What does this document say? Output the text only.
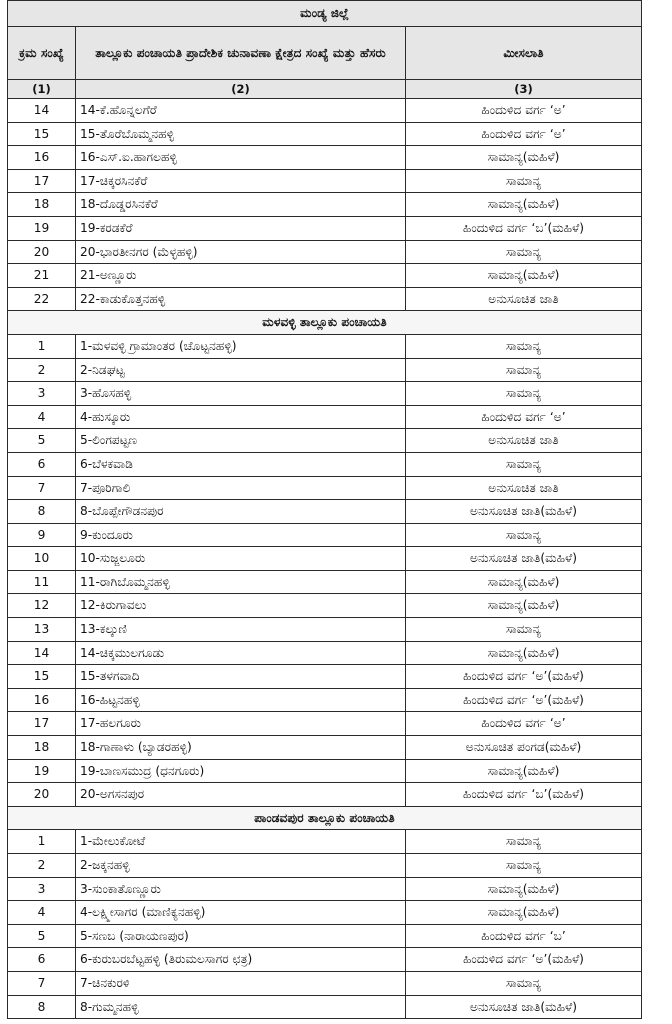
ಮಂಡ್ಯ ಜಿಲ್ಲೆ		
ಕ್ರಮ ಸಂಖ್ಯೆ	ತಾಲ್ಲೂಕು ಪಂಚಾಯತಿ ಪ್ರಾದೇಶಿಕ ಚುನಾವಣಾ ಕ್ಷೇತ್ರದ ಸಂಖ್ಯೆ ಮತ್ತು ಹೆಸರು	ಮೀಸಲಾತಿ
(1)	(2)	(3)
14	14-ಕೆ.ಹೊನ್ನಲಗೆರೆ	ಹಿಂದುಳಿದ ವರ್ಗ ‘ಅ’
15	15-ತೊರೆಬೊಮ್ಮನಹಳ್ಳಿ	ಹಿಂದುಳಿದ ವರ್ಗ ‘ಅ’
16	16-ಎಸ್.ಐ.ಹಾಗಲಹಳ್ಳಿ	ಸಾಮಾನ್ಯ(ಮಹಿಳೆ)
17	17-ಚಿಕ್ಕರಸಿನಕೆರೆ	ಸಾಮಾನ್ಯ
18	18-ದೊಡ್ಡರಸಿನಕೆರೆ	ಸಾಮಾನ್ಯ(ಮಹಿಳೆ)
19	19-ಕರಡಕೆರೆ	ಹಿಂದುಳಿದ ವರ್ಗ ‘ಬ’(ಮಹಿಳೆ)
20	20-ಭಾರತೀನಗರ (ಮೆಳ್ಳಹಳ್ಳಿ)	ಸಾಮಾನ್ಯ
21	21-ಅಣ್ಣೂರು	ಸಾಮಾನ್ಯ(ಮಹಿಳೆ)
22	22-ಕಾಡುಕೊತ್ತನಹಳ್ಳಿ	ಅನುಸೂಚಿತ ಜಾತಿ
ಮಳವಳ್ಳಿ ತಾಲ್ಲೂಕು ಪಂಚಾಯತಿ		
1	1-ಮಳವಳ್ಳಿ ಗ್ರಾಮಾಂತರ (ಚೊಟ್ಟನಹಳ್ಳಿ)	ಸಾಮಾನ್ಯ
2	2-ನಿಡಘಟ್ಟ	ಸಾಮಾನ್ಯ
3	3-ಹೊಸಹಳ್ಳಿ	ಸಾಮಾನ್ಯ
4	4-ಹುಸ್ಕೂರು	ಹಿಂದುಳಿದ ವರ್ಗ ‘ಅ’
5	5-ಲಿಂಗಪಟ್ಟಣ	ಅನುಸೂಚಿತ ಜಾತಿ
6	6-ಬೆಳಕವಾಡಿ	ಸಾಮಾನ್ಯ
7	7-ಪೂರಿಗಾಲಿ	ಅನುಸೂಚಿತ ಜಾತಿ
8	8-ಬೊಪ್ಪೇಗೌಡನಪುರ	ಅನುಸೂಚಿತ ಜಾತಿ(ಮಹಿಳೆ)
9	9-ಕುಂದೂರು	ಸಾಮಾನ್ಯ
10	10-ಸುಜ್ಜಲೂರು	ಅನುಸೂಚಿತ ಜಾತಿ(ಮಹಿಳೆ)
11	11-ರಾಗಿಬೊಮ್ಮನಹಳ್ಳಿ	ಸಾಮಾನ್ಯ(ಮಹಿಳೆ)
12	12-ಕಿರುಗಾವಲು	ಸಾಮಾನ್ಯ(ಮಹಿಳೆ)
13	13-ಕಲ್ಕುಣಿ	ಸಾಮಾನ್ಯ
14	14-ಚಿಕ್ಕಮುಲಗೂಡು	ಸಾಮಾನ್ಯ(ಮಹಿಳೆ)
15	15-ತಳಗವಾದಿ	ಹಿಂದುಳಿದ ವರ್ಗ ‘ಅ’(ಮಹಿಳೆ)
16	16-ಹಿಟ್ಟನಹಳ್ಳಿ	ಹಿಂದುಳಿದ ವರ್ಗ ‘ಅ’(ಮಹಿಳೆ)
17	17-ಹಲಗೂರು	ಹಿಂದುಳಿದ ವರ್ಗ ‘ಅ’
18	18-ಗಾಣಾಳು (ಬ್ಯಾಡರಹಳ್ಳಿ)	ಅನುಸೂಚಿತ ಪಂಗಡ(ಮಹಿಳೆ)
19	19-ಬಾಣಸಮುದ್ರ (ಧನಗೂರು)	ಸಾಮಾನ್ಯ(ಮಹಿಳೆ)
20	20-ಅಗಸನಪುರ	ಹಿಂದುಳಿದ ವರ್ಗ ‘ಬ’(ಮಹಿಳೆ)
ಪಾಂಡವಪುರ ತಾಲ್ಲೂಕು ಪಂಚಾಯತಿ		
1	1-ಮೇಲುಕೋಟೆ	ಸಾಮಾನ್ಯ
2	2-ಜಕ್ಕನಹಳ್ಳಿ	ಸಾಮಾನ್ಯ
3	3-ಸುಂಕಾತೊಣ್ಣೂರು	ಸಾಮಾನ್ಯ(ಮಹಿಳೆ)
4	4-ಲಕ್ಷ್ಮೀಸಾಗರ (ಮಾಣಿಕ್ಯನಹಳ್ಳಿ)	ಸಾಮಾನ್ಯ(ಮಹಿಳೆ)
5	5-ಸಣಬ (ನಾರಾಯಣಪುರ)	ಹಿಂದುಳಿದ ವರ್ಗ ‘ಬ’
6	6-ಕುರುಬರಬೆಟ್ಟಹಳ್ಳಿ (ತಿರುಮಲಸಾಗರ ಛತ್ರ)	ಹಿಂದುಳಿದ ವರ್ಗ ‘ಅ’(ಮಹಿಳೆ)
7	7-ಚಿನಕುರಳಿ	ಸಾಮಾನ್ಯ
8	8-ಗುಮ್ಮನಹಳ್ಳಿ	ಅನುಸೂಚಿತ ಜಾತಿ(ಮಹಿಳೆ)
